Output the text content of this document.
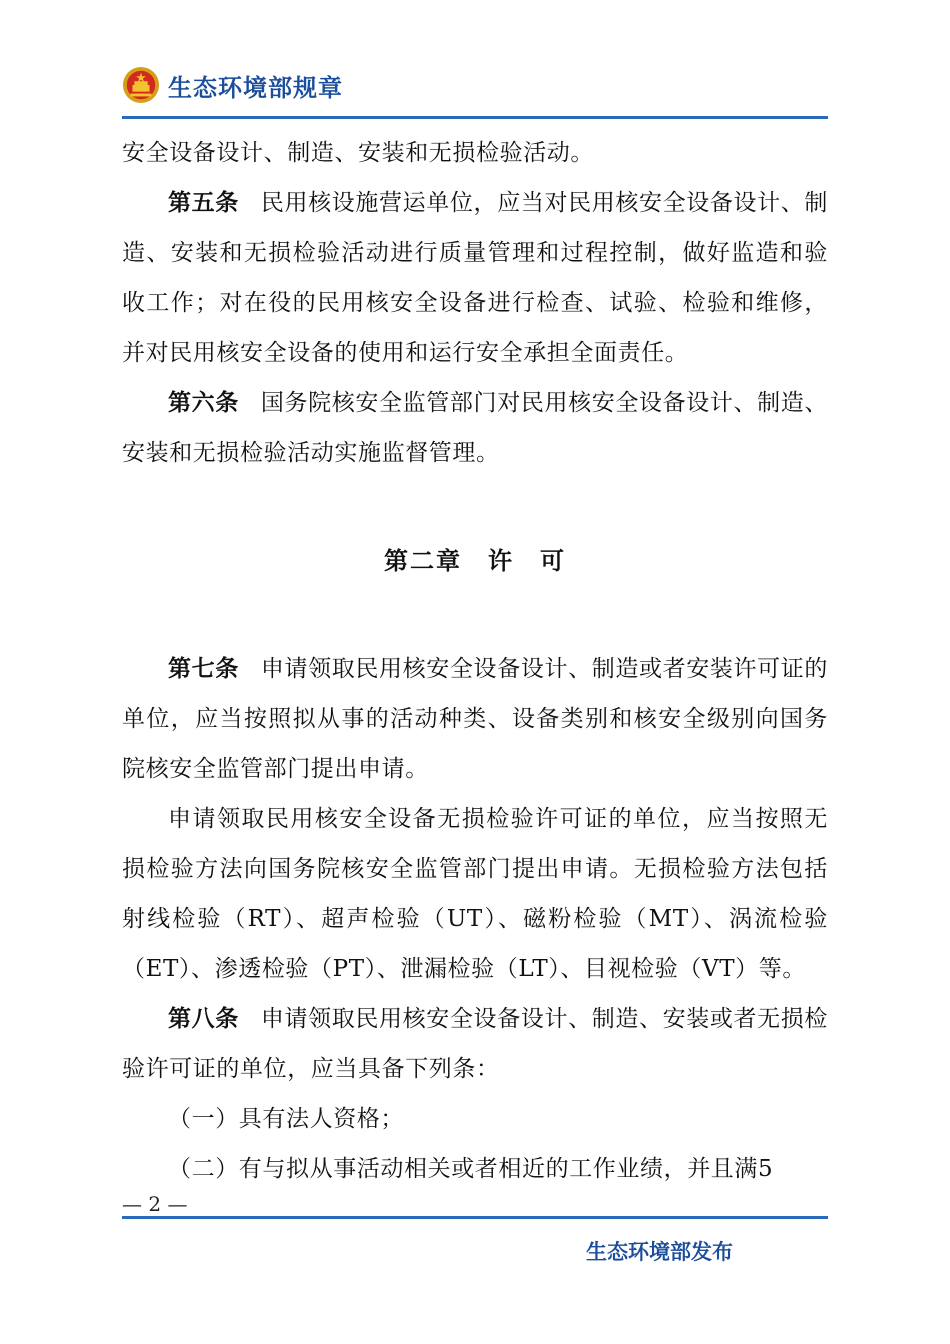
生态环境部规章

安全设备设计、制造、安装和无损检验活动。

第五条 民用核设施营运单位，应当对民用核安全设备设计、制造、安装和无损检验活动进行质量管理和过程控制，做好监造和验收工作；对在役的民用核安全设备进行检查、试验、检验和维修，并对民用核安全设备的使用和运行安全承担全面责任。

第六条 国务院核安全监管部门对民用核安全设备设计、制造、安装和无损检验活动实施监督管理。

第二章　许　可

第七条 申请领取民用核安全设备设计、制造或者安装许可证的单位，应当按照拟从事的活动种类、设备类别和核安全级别向国务院核安全监管部门提出申请。

申请领取民用核安全设备无损检验许可证的单位，应当按照无损检验方法向国务院核安全监管部门提出申请。无损检验方法包括射线检验（RT）、超声检验（UT）、磁粉检验（MT）、涡流检验（ET）、渗透检验（PT）、泄漏检验（LT）、目视检验（VT）等。

第八条 申请领取民用核安全设备设计、制造、安装或者无损检验许可证的单位，应当具备下列条：

（一）具有法人资格；

（二）有与拟从事活动相关或者相近的工作业绩，并且满5

— 2 —
生态环境部发布
